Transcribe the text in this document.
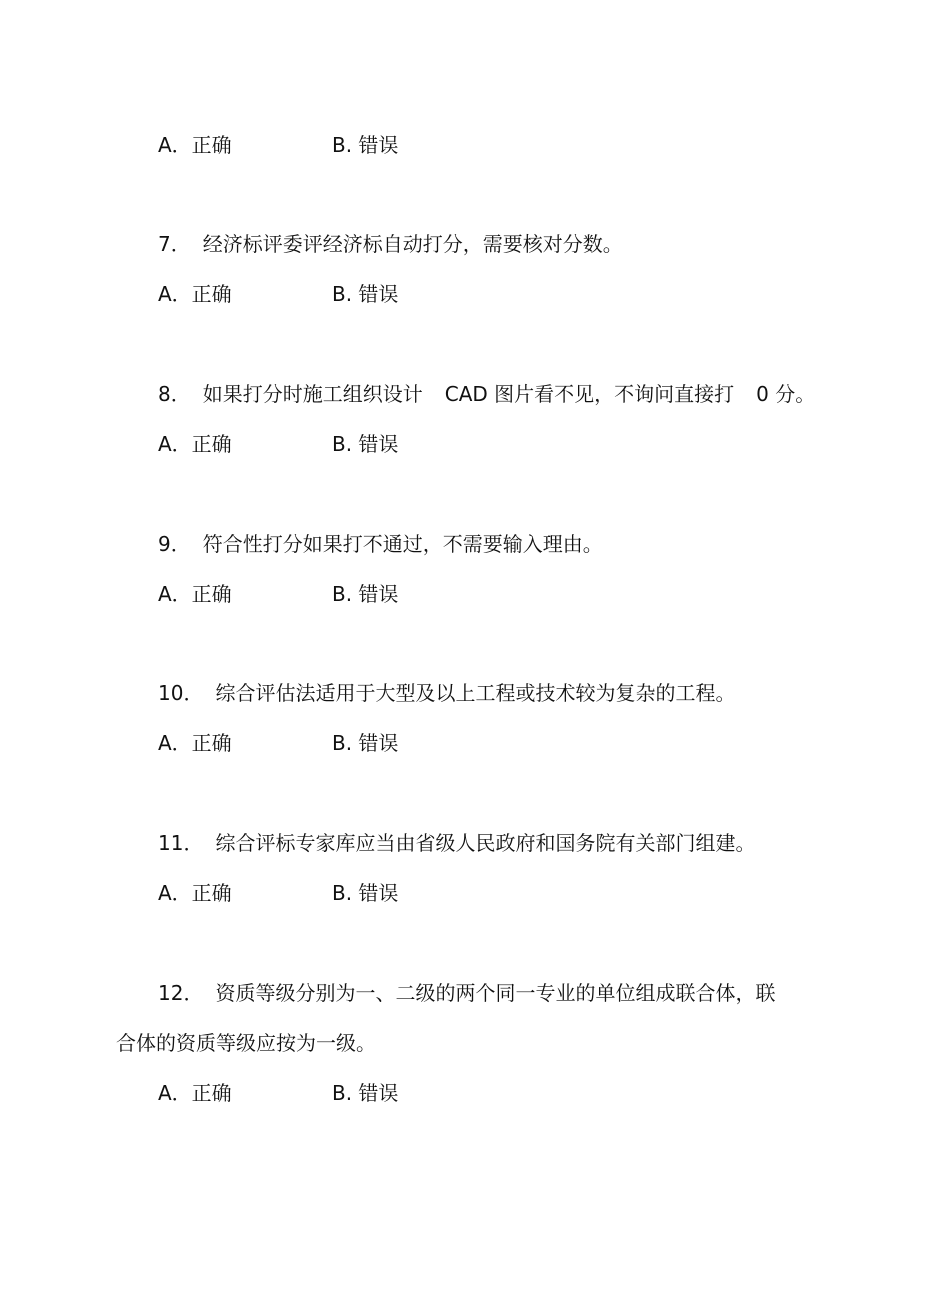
A．正确	B. 错误
7． 经济标评委评经济标自动打分，需要核对分数。
A．正确	B. 错误
8． 如果打分时施工组织设计 CAD 图片看不见，不询问直接打 0 分。
A．正确	B. 错误
9． 符合性打分如果打不通过，不需要输入理由。
A．正确	B. 错误
10． 综合评估法适用于大型及以上工程或技术较为复杂的工程。
A．正确	B. 错误
11． 综合评标专家库应当由省级人民政府和国务院有关部门组建。
A．正确	B. 错误
12． 资质等级分别为一、二级的两个同一专业的单位组成联合体，联
合体的资质等级应按为一级。
A．正确	B. 错误
